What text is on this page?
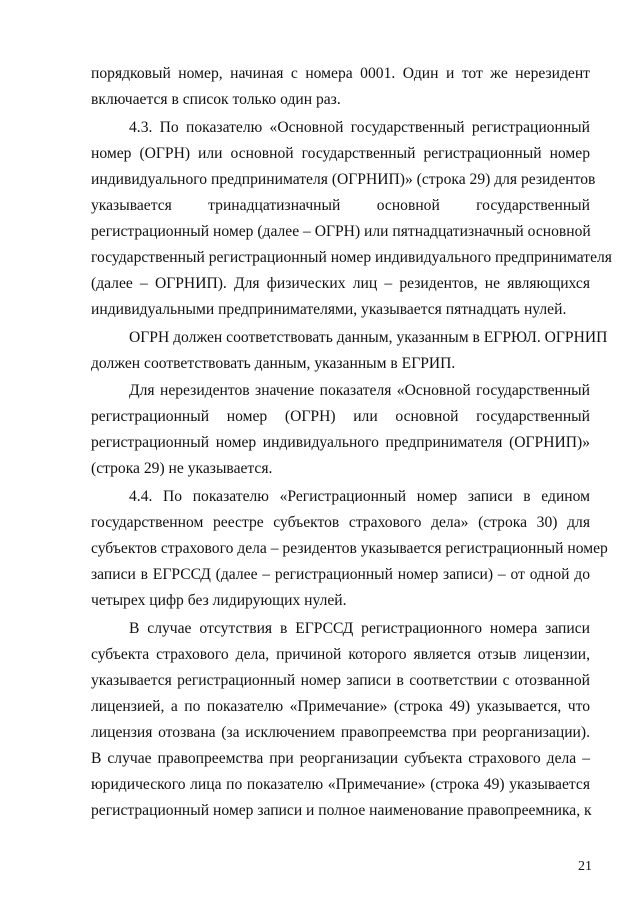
порядковый номер, начиная с номера 0001. Один и тот же нерезидент
включается в список только один раз.
4.3. По показателю «Основной государственный регистрационный
номер (ОГРН) или основной государственный регистрационный номер
индивидуального предпринимателя (ОГРНИП)» (строка 29) для резидентов
указывается тринадцатизначный основной государственный
регистрационный номер (далее – ОГРН) или пятнадцатизначный основной
государственный регистрационный номер индивидуального предпринимателя
(далее – ОГРНИП). Для физических лиц – резидентов, не являющихся
индивидуальными предпринимателями, указывается пятнадцать нулей.
ОГРН должен соответствовать данным, указанным в ЕГРЮЛ. ОГРНИП
должен соответствовать данным, указанным в ЕГРИП.
Для нерезидентов значение показателя «Основной государственный
регистрационный номер (ОГРН) или основной государственный
регистрационный номер индивидуального предпринимателя (ОГРНИП)»
(строка 29) не указывается.
4.4. По показателю «Регистрационный номер записи в едином
государственном реестре субъектов страхового дела» (строка 30) для
субъектов страхового дела – резидентов указывается регистрационный номер
записи в ЕГРССД (далее – регистрационный номер записи) – от одной до
четырех цифр без лидирующих нулей.
В случае отсутствия в ЕГРССД регистрационного номера записи
субъекта страхового дела, причиной которого является отзыв лицензии,
указывается регистрационный номер записи в соответствии с отозванной
лицензией, а по показателю «Примечание» (строка 49) указывается, что
лицензия отозвана (за исключением правопреемства при реорганизации).
В случае правопреемства при реорганизации субъекта страхового дела –
юридического лица по показателю «Примечание» (строка 49) указывается
регистрационный номер записи и полное наименование правопреемника, к
21
